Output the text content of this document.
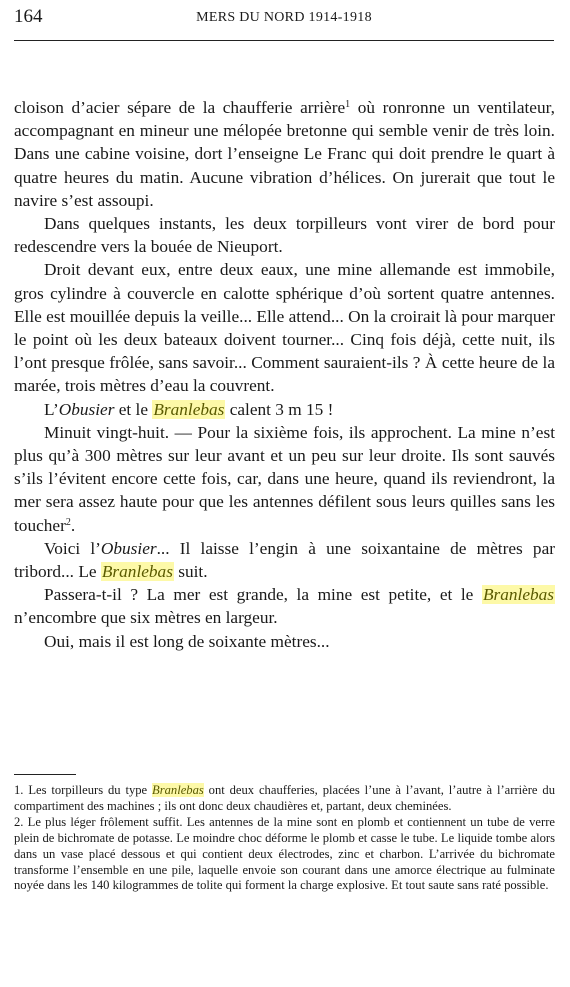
164	MERS DU NORD 1914-1918

cloison d’acier sépare de la chaufferie arrière$^1$ où ronronne un ventilateur, accompagnant en mineur une mélopée bretonne qui semble venir de très loin. Dans une cabine voisine, dort l’enseigne Le Franc qui doit prendre le quart à quatre heures du matin. Aucune vibration d’hélices. On jurerait que tout le navire s’est assoupi.

Dans quelques instants, les deux torpilleurs vont virer de bord pour redescendre vers la bouée de Nieuport.

Droit devant eux, entre deux eaux, une mine allemande est immobile, gros cylindre à couvercle en calotte sphérique d’où sortent quatre antennes. Elle est mouillée depuis la veille... Elle attend... On la croirait là pour marquer le point où les deux bateaux doivent tourner... Cinq fois déjà, cette nuit, ils l’ont presque frôlée, sans savoir... Comment sauraient-ils ? À cette heure de la marée, trois mètres d’eau la couvrent.

L’Obusier et le Branlebas calent 3 m 15 !

Minuit vingt-huit. — Pour la sixième fois, ils approchent. La mine n’est plus qu’à 300 mètres sur leur avant et un peu sur leur droite. Ils sont sauvés s’ils l’évitent encore cette fois, car, dans une heure, quand ils reviendront, la mer sera assez haute pour que les antennes défilent sous leurs quilles sans les toucher$^2$.

Voici l’Obusier... Il laisse l’engin à une soixantaine de mètres par tribord... Le Branlebas suit.

Passera-t-il ? La mer est grande, la mine est petite, et le Branlebas n’encombre que six mètres en largeur.

Oui, mais il est long de soixante mètres...

1. Les torpilleurs du type Branlebas ont deux chaufferies, placées l’une à l’avant, l’autre à l’arrière du compartiment des machines ; ils ont donc deux chaudières et, partant, deux cheminées.

2. Le plus léger frôlement suffit. Les antennes de la mine sont en plomb et contiennent un tube de verre plein de bichromate de potasse. Le moindre choc déforme le plomb et casse le tube. Le liquide tombe alors dans un vase placé dessous et qui contient deux électrodes, zinc et charbon. L’arrivée du bichromate transforme l’ensemble en une pile, laquelle envoie son courant dans une amorce électrique au fulminate noyée dans les 140 kilogrammes de tolite qui forment la charge explosive. Et tout saute sans raté possible.
